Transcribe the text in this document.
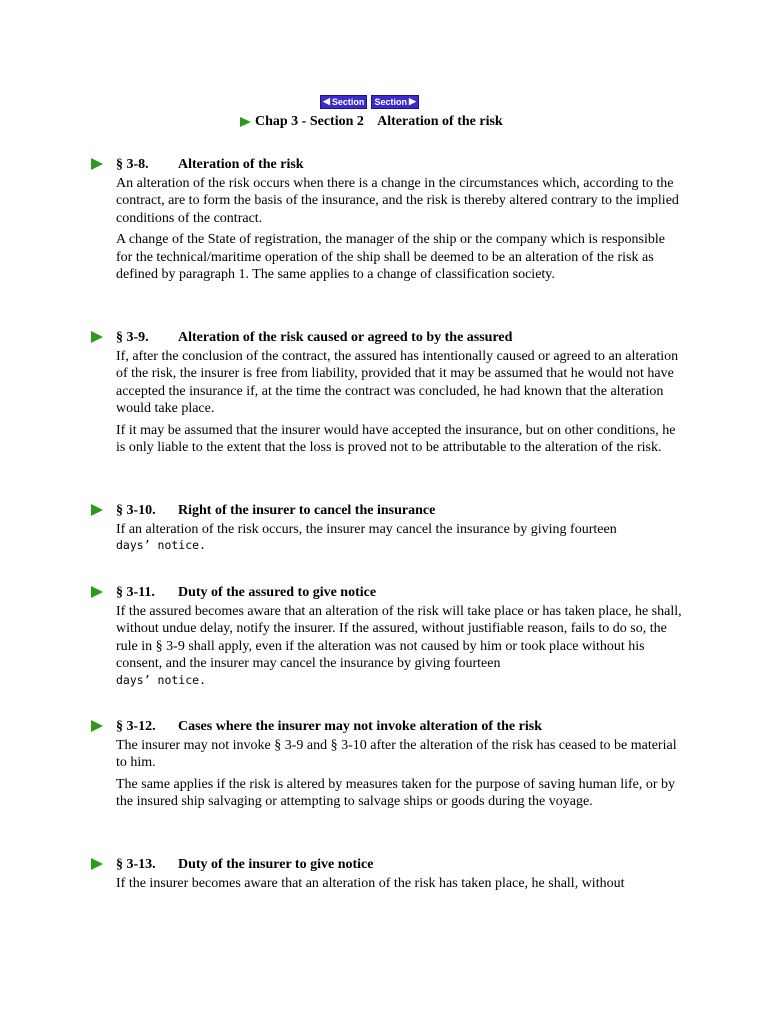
◀ Section Section ▶
Chap 3 - Section 2    Alteration of the risk
§ 3-8. Alteration of the risk

An alteration of the risk occurs when there is a change in the circumstances which, according to the contract, are to form the basis of the insurance, and the risk is thereby altered contrary to the implied conditions of the contract.

A change of the State of registration, the manager of the ship or the company which is responsible for the technical/maritime operation of the ship shall be deemed to be an alteration of the risk as defined by paragraph 1. The same applies to a change of classification society.

§ 3-9. Alteration of the risk caused or agreed to by the assured

If, after the conclusion of the contract, the assured has intentionally caused or agreed to an alteration of the risk, the insurer is free from liability, provided that it may be assumed that he would not have accepted the insurance if, at the time the contract was concluded, he had known that the alteration would take place.

If it may be assumed that the insurer would have accepted the insurance, but on other conditions, he is only liable to the extent that the loss is proved not to be attributable to the alteration of the risk.

§ 3-10. Right of the insurer to cancel the insurance

If an alteration of the risk occurs, the insurer may cancel the insurance by giving fourteen

days’ notice.
§ 3-11. Duty of the assured to give notice

If the assured becomes aware that an alteration of the risk will take place or has taken place, he shall, without undue delay, notify the insurer. If the assured, without justifiable reason, fails to do so, the rule in § 3-9 shall apply, even if the alteration was not caused by him or took place without his consent, and the insurer may cancel the insurance by giving fourteen

days’ notice.
§ 3-12. Cases where the insurer may not invoke alteration of the risk

The insurer may not invoke § 3-9 and § 3-10 after the alteration of the risk has ceased to be material to him.

The same applies if the risk is altered by measures taken for the purpose of saving human life, or by the insured ship salvaging or attempting to salvage ships or goods during the voyage.

§ 3-13. Duty of the insurer to give notice

If the insurer becomes aware that an alteration of the risk has taken place, he shall, without
